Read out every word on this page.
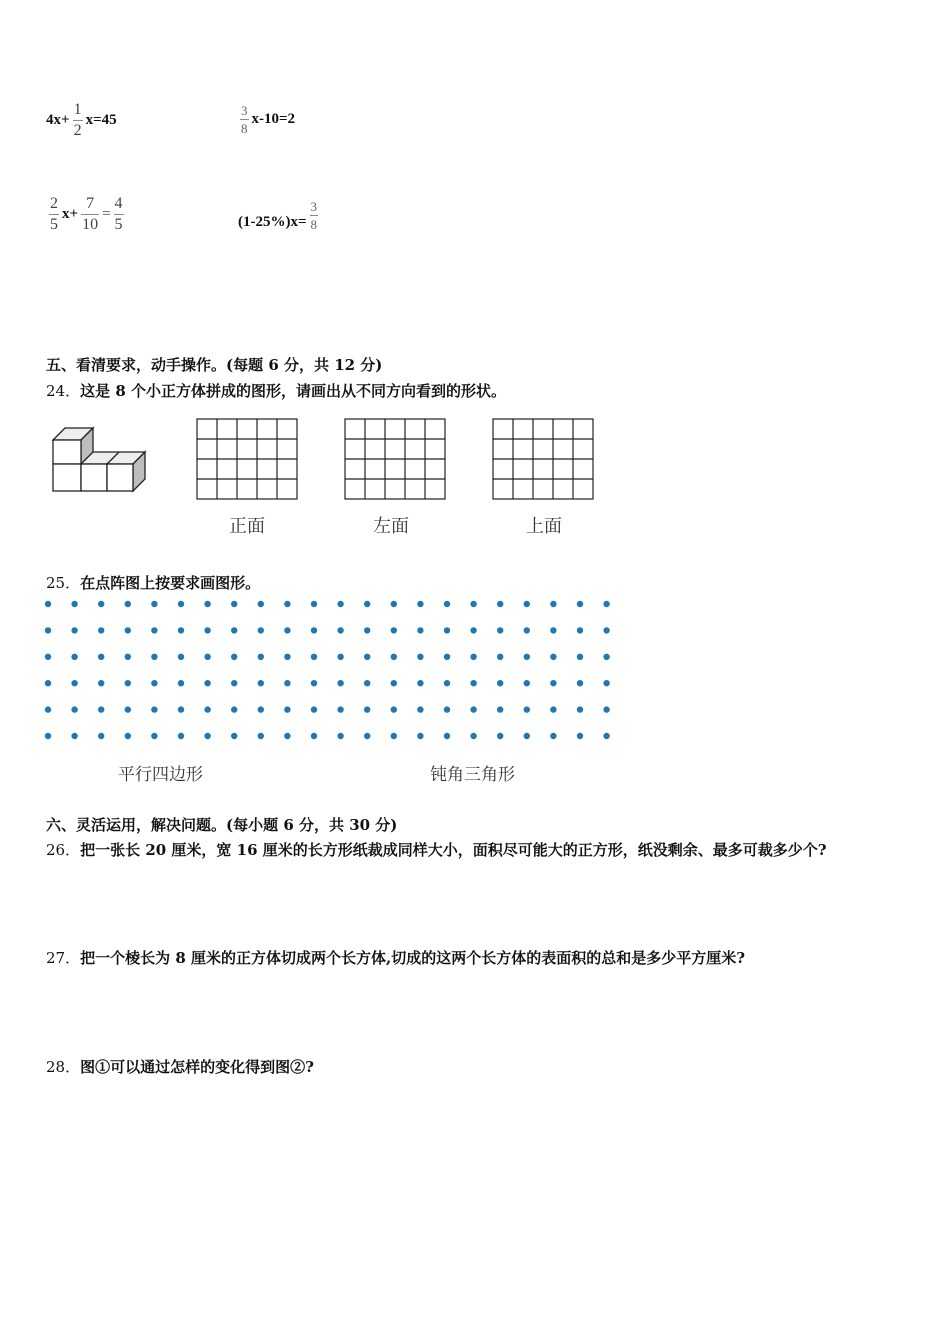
$4x+ \frac{1}{2} x=45$	$\frac{3}{8} x-10=2$
$\frac{2}{5} x+ \frac{7}{10} = \frac{4}{5}$	$(1-25\%)x= \frac{3}{8}$
五、看清要求，动手操作。(每题 6 分，共 12 分)
24．这是 8 个小正方体拼成的图形，请画出从不同方向看到的形状。
正面	左面	上面
25．在点阵图上按要求画图形。
平行四边形	钝角三角形
六、灵活运用，解决问题。(每小题 6 分，共 30 分)
26．把一张长 20 厘米，宽 16 厘米的长方形纸裁成同样大小，面积尽可能大的正方形，纸没剩余、最多可裁多少个?
27．把一个棱长为 8 厘米的正方体切成两个长方体,切成的这两个长方体的表面积的总和是多少平方厘米?
28．图①可以通过怎样的变化得到图②?
